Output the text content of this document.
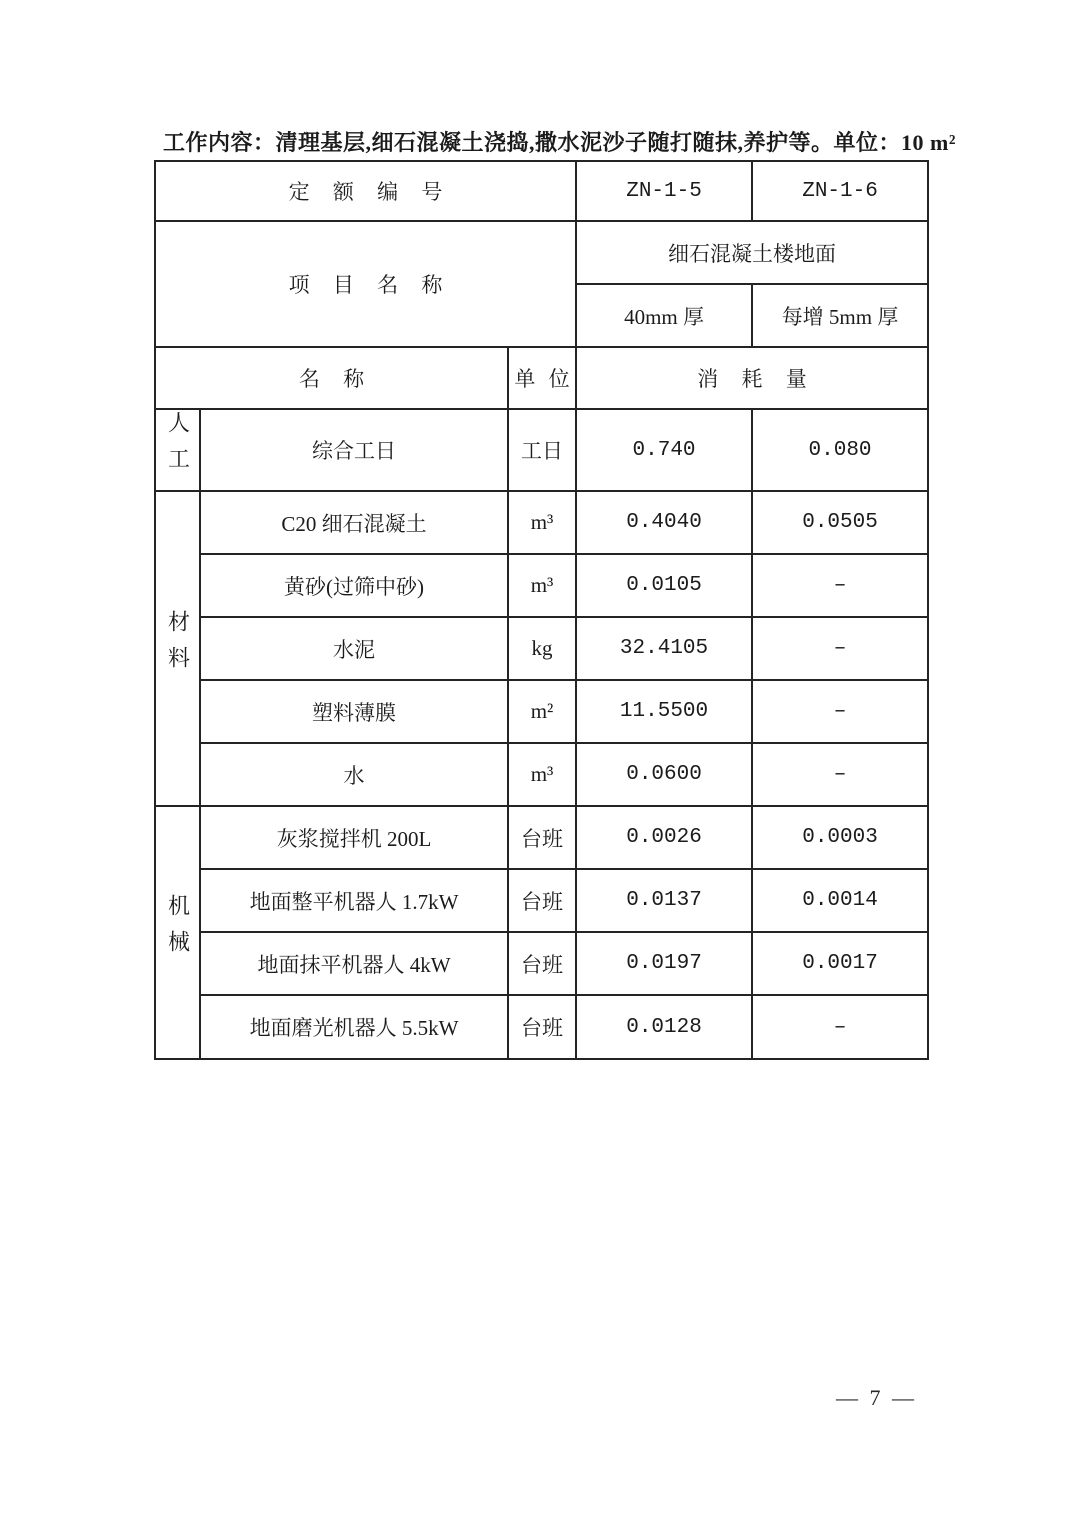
工作内容：清理基层,细石混凝土浇捣,撒水泥沙子随打随抹,养护等。 单位：10 m²
定 额 编 号			ZN-1-5	ZN-1-6
项 目 名 称			细石混凝土楼地面	
			40mm 厚	每增 5mm 厚
名 称		单 位	消 耗 量	
人工	综合工日	工日	0.740	0.080
材料	C20 细石混凝土	m³	0.4040	0.0505
	黄砂(过筛中砂)	m³	0.0105	–
	水泥	kg	32.4105	–
	塑料薄膜	m²	11.5500	–
	水	m³	0.0600	–
机械	灰浆搅拌机 200L	台班	0.0026	0.0003
	地面整平机器人 1.7kW	台班	0.0137	0.0014
	地面抹平机器人 4kW	台班	0.0197	0.0017
	地面磨光机器人 5.5kW	台班	0.0128	–
— 7 —
